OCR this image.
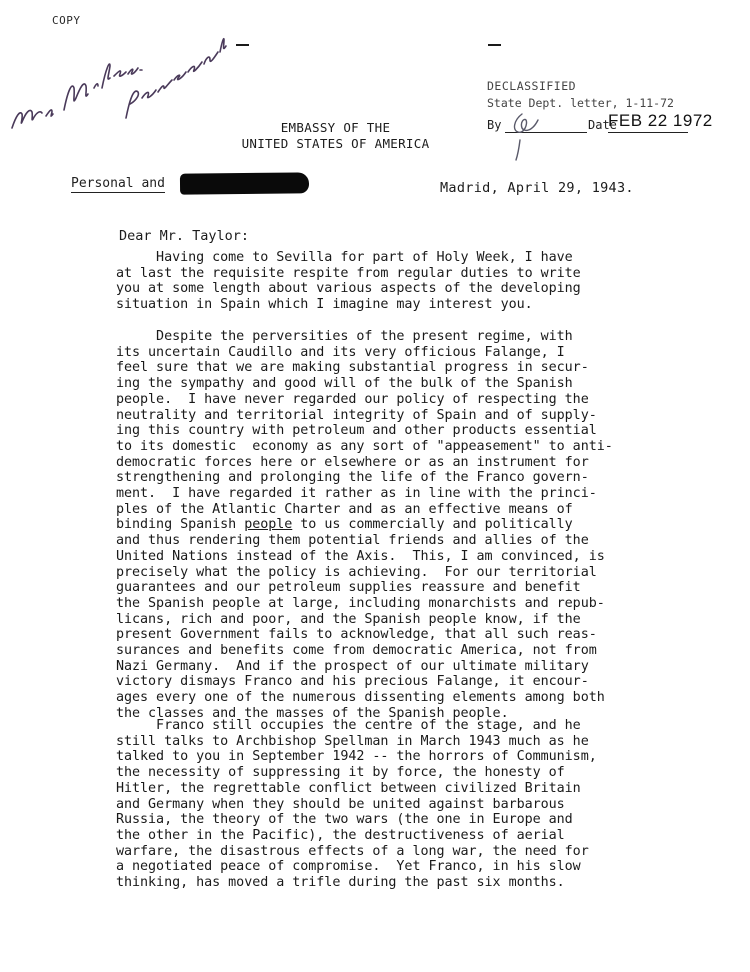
COPY
DECLASSIFIED
State Dept. letter, 1-11-72
By	Date
FEB 22 1972
EMBASSY OF THE
UNITED STATES OF AMERICA
Personal and	Madrid, April 29, 1943.
Dear Mr. Taylor:
Having come to Sevilla for part of Holy Week, I have
at last the requisite respite from regular duties to write
you at some length about various aspects of the developing
situation in Spain which I imagine may interest you.
Despite the perversities of the present regime, with
its uncertain Caudillo and its very officious Falange, I
feel sure that we are making substantial progress in secur-
ing the sympathy and good will of the bulk of the Spanish
people.  I have never regarded our policy of respecting the
neutrality and territorial integrity of Spain and of supply-
ing this country with petroleum and other products essential
to its domestic  economy as any sort of "appeasement" to anti-
democratic forces here or elsewhere or as an instrument for
strengthening and prolonging the life of the Franco govern-
ment.  I have regarded it rather as in line with the princi-
ples of the Atlantic Charter and as an effective means of
binding Spanish people to us commercially and politically
and thus rendering them potential friends and allies of the
United Nations instead of the Axis.  This, I am convinced, is
precisely what the policy is achieving.  For our territorial
guarantees and our petroleum supplies reassure and benefit
the Spanish people at large, including monarchists and repub-
licans, rich and poor, and the Spanish people know, if the
present Government fails to acknowledge, that all such reas-
surances and benefits come from democratic America, not from
Nazi Germany.  And if the prospect of our ultimate military
victory dismays Franco and his precious Falange, it encour-
ages every one of the numerous dissenting elements among both
the classes and the masses of the Spanish people.
Franco still occupies the centre of the stage, and he
still talks to Archbishop Spellman in March 1943 much as he
talked to you in September 1942 -- the horrors of Communism,
the necessity of suppressing it by force, the honesty of
Hitler, the regrettable conflict between civilized Britain
and Germany when they should be united against barbarous
Russia, the theory of the two wars (the one in Europe and
the other in the Pacific), the destructiveness of aerial
warfare, the disastrous effects of a long war, the need for
a negotiated peace of compromise.  Yet Franco, in his slow
thinking, has moved a trifle during the past six months.
